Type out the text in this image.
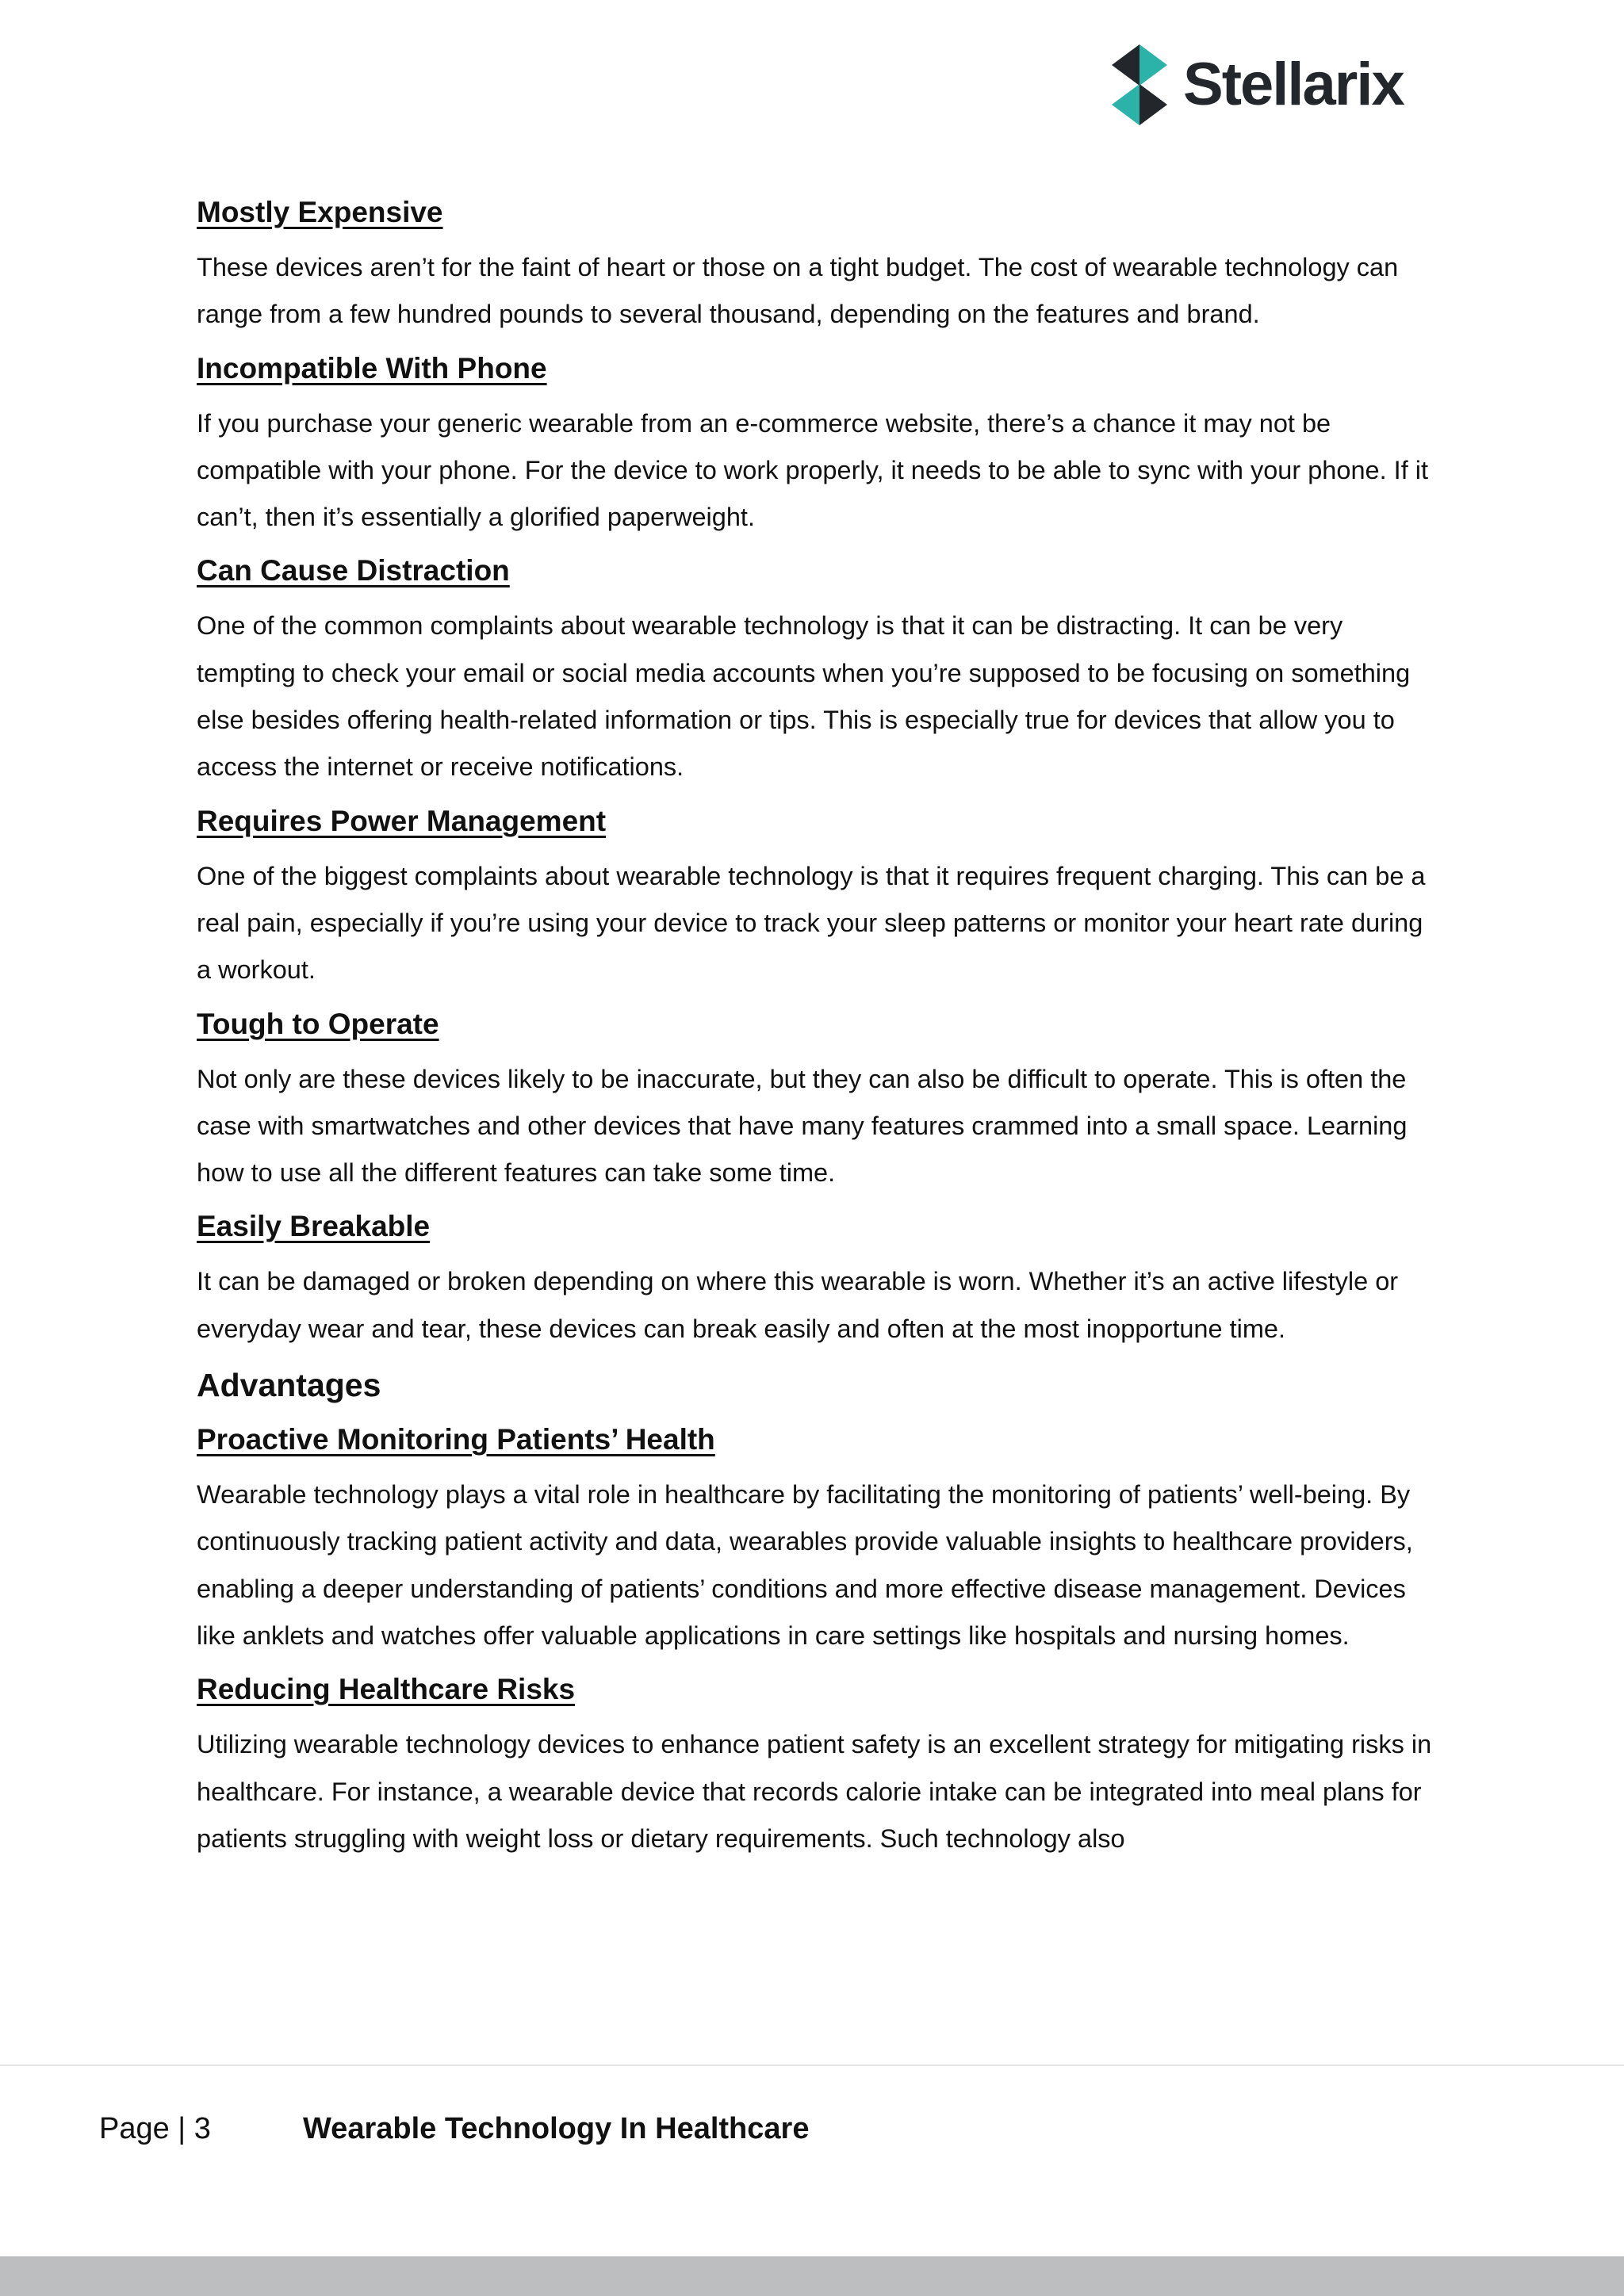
Stellarix
Mostly Expensive

These devices aren’t for the faint of heart or those on a tight budget. The cost of wearable technology can range from a few hundred pounds to several thousand, depending on the features and brand.

Incompatible With Phone

If you purchase your generic wearable from an e-commerce website, there’s a chance it may not be compatible with your phone. For the device to work properly, it needs to be able to sync with your phone. If it can’t, then it’s essentially a glorified paperweight.

Can Cause Distraction

One of the common complaints about wearable technology is that it can be distracting. It can be very tempting to check your email or social media accounts when you’re supposed to be focusing on something else besides offering health-related information or tips. This is especially true for devices that allow you to access the internet or receive notifications.

Requires Power Management

One of the biggest complaints about wearable technology is that it requires frequent charging. This can be a real pain, especially if you’re using your device to track your sleep patterns or monitor your heart rate during a workout.

Tough to Operate

Not only are these devices likely to be inaccurate, but they can also be difficult to operate. This is often the case with smartwatches and other devices that have many features crammed into a small space. Learning how to use all the different features can take some time.

Easily Breakable

It can be damaged or broken depending on where this wearable is worn. Whether it’s an active lifestyle or everyday wear and tear, these devices can break easily and often at the most inopportune time.

Advantages
Proactive Monitoring Patients’ Health

Wearable technology plays a vital role in healthcare by facilitating the monitoring of patients’ well-being. By continuously tracking patient activity and data, wearables provide valuable insights to healthcare providers, enabling a deeper understanding of patients’ conditions and more effective disease management. Devices like anklets and watches offer valuable applications in care settings like hospitals and nursing homes.

Reducing Healthcare Risks

Utilizing wearable technology devices to enhance patient safety is an excellent strategy for mitigating risks in healthcare. For instance, a wearable device that records calorie intake can be integrated into meal plans for patients struggling with weight loss or dietary requirements. Such technology also

Page | 3	Wearable Technology In Healthcare
